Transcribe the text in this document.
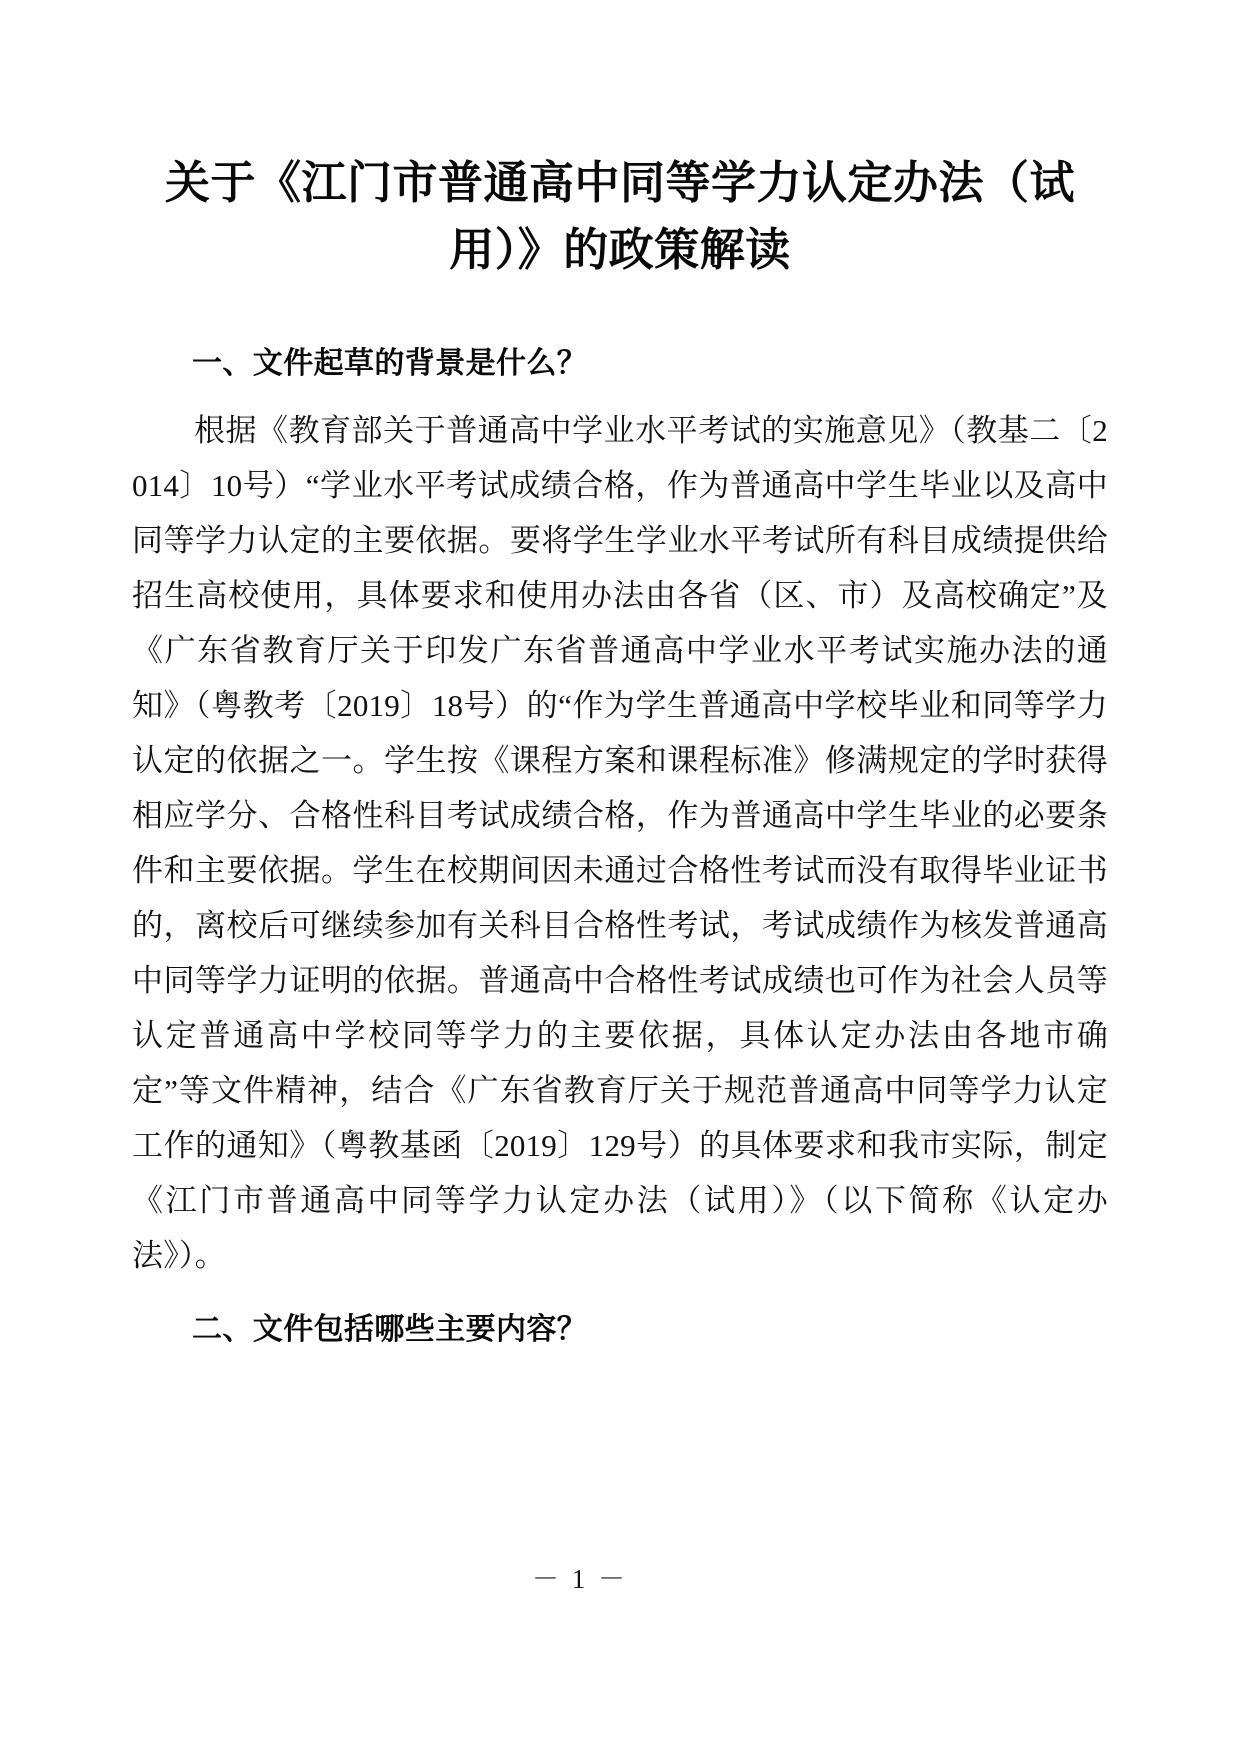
关于《江门市普通高中同等学力认定办法（试用）》的政策解读
一、文件起草的背景是什么？

根据《教育部关于普通高中学业水平考试的实施意见》（教基二〔2014〕10号）“学业水平考试成绩合格，作为普通高中学生毕业以及高中同等学力认定的主要依据。要将学生学业水平考试所有科目成绩提供给招生高校使用，具体要求和使用办法由各省（区、市）及高校确定”及《广东省教育厅关于印发广东省普通高中学业水平考试实施办法的通知》（粤教考〔2019〕18号）的“作为学生普通高中学校毕业和同等学力认定的依据之一。学生按《课程方案和课程标准》修满规定的学时获得相应学分、合格性科目考试成绩合格，作为普通高中学生毕业的必要条件和主要依据。学生在校期间因未通过合格性考试而没有取得毕业证书的，离校后可继续参加有关科目合格性考试，考试成绩作为核发普通高中同等学力证明的依据。普通高中合格性考试成绩也可作为社会人员等认定普通高中学校同等学力的主要依据，具体认定办法由各地市确定”等文件精神，结合《广东省教育厅关于规范普通高中同等学力认定工作的通知》（粤教基函〔2019〕129号）的具体要求和我市实际，制定《江门市普通高中同等学力认定办法（试用）》（以下简称《认定办法》）。

二、文件包括哪些主要内容？
－ 1 －
